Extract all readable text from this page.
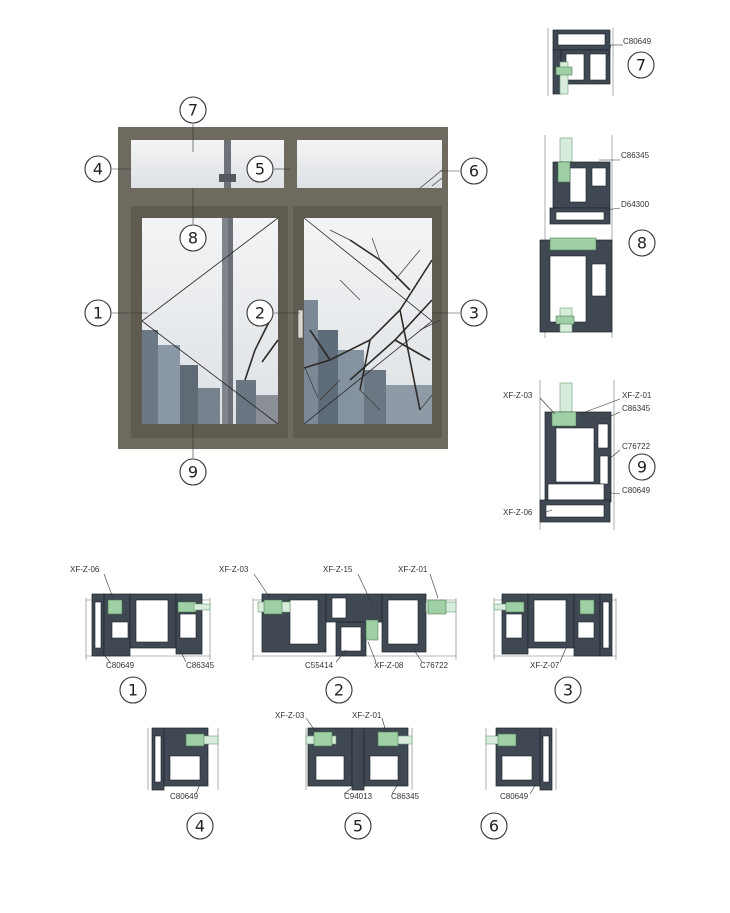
7
4	5	6
8
1	2	3
9
C80649
C86345
D64300
XF-Z-03	XF-Z-01
C86345
C76722
C80649
XF-Z-06
XF-Z-06
C80649	C86345
XF-Z-03	XF-Z-15	XF-Z-01
C55414	XF-Z-08 C76722	XF-Z-07
C80649
XF-Z-03	XF-Z-01
C94013 C86345	C80649
7
8
9
1	2	3
4	5	6
